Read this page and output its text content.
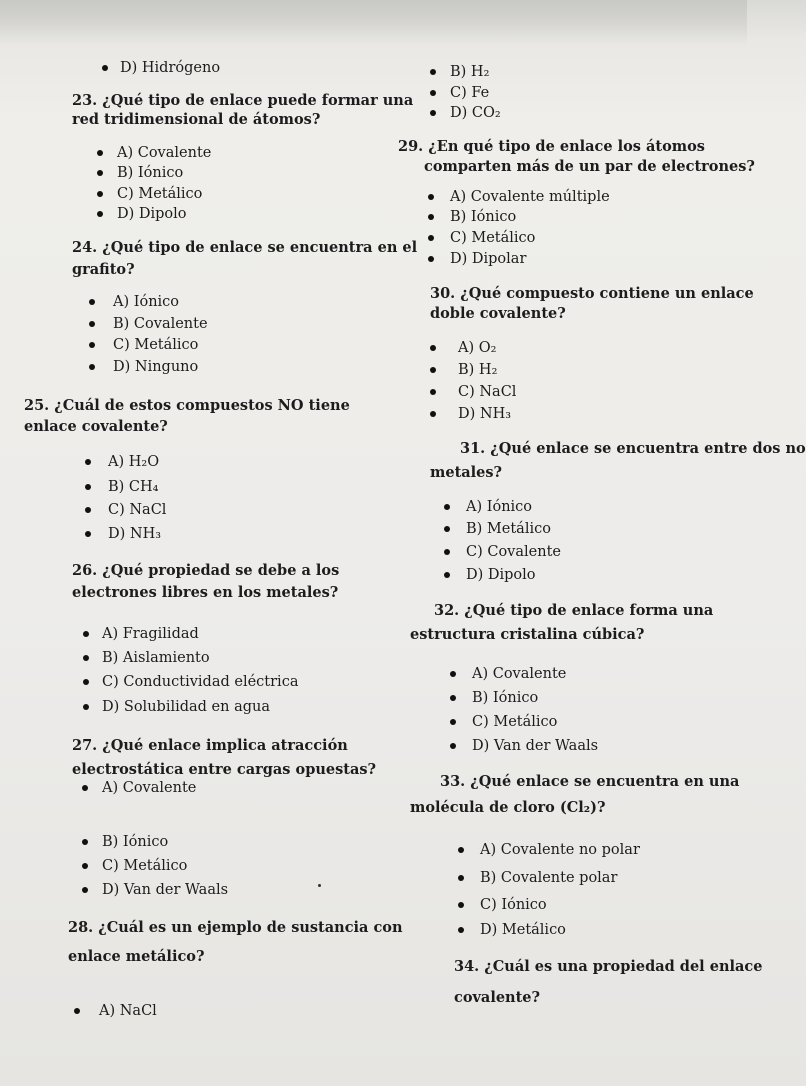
D) Hidrógeno
23. ¿Qué tipo de enlace puede formar una
red tridimensional de átomos?
A) Covalente
B) Iónico
C) Metálico
D) Dipolo
24. ¿Qué tipo de enlace se encuentra en el
grafito?
A) Iónico
B) Covalente
C) Metálico
D) Ninguno
25. ¿Cuál de estos compuestos NO tiene
enlace covalente?
A) H₂O
B) CH₄
C) NaCl
D) NH₃
26. ¿Qué propiedad se debe a los
electrones libres en los metales?
A) Fragilidad
B) Aislamiento
C) Conductividad eléctrica
D) Solubilidad en agua
27. ¿Qué enlace implica atracción
electrostática entre cargas opuestas?
A) Covalente
B) Iónico
C) Metálico
D) Van der Waals
28. ¿Cuál es un ejemplo de sustancia con
enlace metálico?
A) NaCl
B) H₂
C) Fe
D) CO₂
29. ¿En qué tipo de enlace los átomos
comparten más de un par de electrones?
A) Covalente múltiple
B) Iónico
C) Metálico
D) Dipolar
30. ¿Qué compuesto contiene un enlace
doble covalente?
A) O₂
B) H₂
C) NaCl
D) NH₃
31. ¿Qué enlace se encuentra entre dos no
metales?
A) Iónico
B) Metálico
C) Covalente
D) Dipolo
32. ¿Qué tipo de enlace forma una
estructura cristalina cúbica?
A) Covalente
B) Iónico
C) Metálico
D) Van der Waals
33. ¿Qué enlace se encuentra en una
molécula de cloro (Cl₂)?
A) Covalente no polar
B) Covalente polar
C) Iónico
D) Metálico
34. ¿Cuál es una propiedad del enlace
covalente?
